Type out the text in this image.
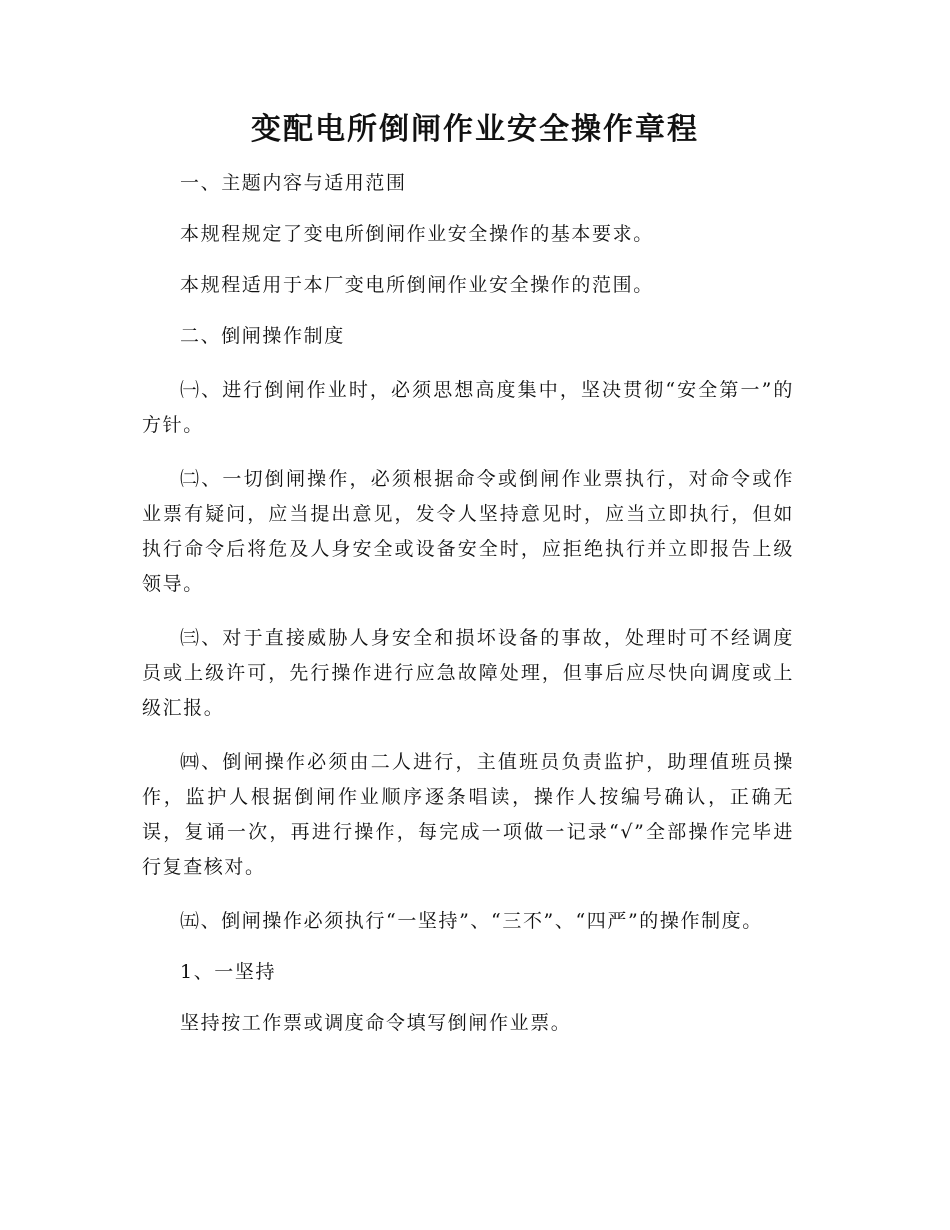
变配电所倒闸作业安全操作章程

一、主题内容与适用范围

本规程规定了变电所倒闸作业安全操作的基本要求。

本规程适用于本厂变电所倒闸作业安全操作的范围。

二、倒闸操作制度

㈠、进行倒闸作业时，必须思想高度集中，坚决贯彻“安全第一”的方针。

㈡、一切倒闸操作，必须根据命令或倒闸作业票执行，对命令或作业票有疑问，应当提出意见，发令人坚持意见时，应当立即执行，但如执行命令后将危及人身安全或设备安全时，应拒绝执行并立即报告上级领导。

㈢、对于直接威胁人身安全和损坏设备的事故，处理时可不经调度员或上级许可，先行操作进行应急故障处理，但事后应尽快向调度或上级汇报。

㈣、倒闸操作必须由二人进行，主值班员负责监护，助理值班员操作，监护人根据倒闸作业顺序逐条唱读，操作人按编号确认，正确无误，复诵一次，再进行操作，每完成一项做一记录“√”全部操作完毕进行复查核对。

㈤、倒闸操作必须执行“一坚持”、“三不”、“四严”的操作制度。

1、一坚持

坚持按工作票或调度命令填写倒闸作业票。
